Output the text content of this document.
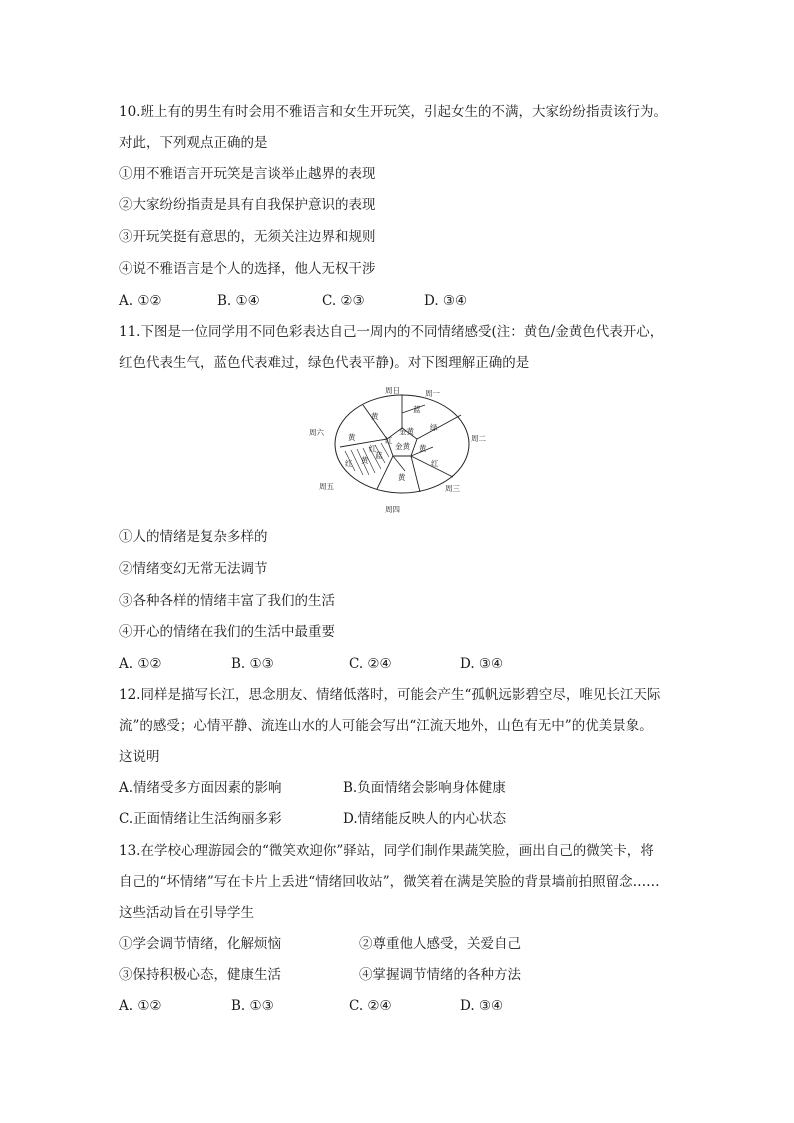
10.班上有的男生有时会用不雅语言和女生开玩笑，引起女生的不满，大家纷纷指责该行为。
对此，下列观点正确的是
①用不雅语言开玩笑是言谈举止越界的表现
②大家纷纷指责是具有自我保护意识的表现
③开玩笑挺有意思的，无须关注边界和规则
④说不雅语言是个人的选择，他人无权干涉
A. ①②	B. ①④	C. ②③	D. ③④
11.下图是一位同学用不同色彩表达自己一周内的不同情绪感受(注：黄色/金黄色代表开心，
红色代表生气，蓝色代表难过，绿色代表平静)。对下图理解正确的是
周日	周一
周二
周三
周四
周五
周六
黄
蓝
金黄 绿
黄
红
金黄
黄
红
红 黄
红
蓝
黄
①人的情绪是复杂多样的
②情绪变幻无常无法调节
③各种各样的情绪丰富了我们的生活
④开心的情绪在我们的生活中最重要
A. ①②	B. ①③	C. ②④	D. ③④
12.同样是描写长江，思念朋友、情绪低落时，可能会产生“孤帆远影碧空尽，唯见长江天际
流”的感受；心情平静、流连山水的人可能会写出“江流天地外，山色有无中”的优美景象。
这说明
A.情绪受多方面因素的影响	B.负面情绪会影响身体健康
C.正面情绪让生活绚丽多彩	D.情绪能反映人的内心状态
13.在学校心理游园会的“微笑欢迎你”驿站，同学们制作果蔬笑脸，画出自己的微笑卡，将
自己的“坏情绪”写在卡片上丢进“情绪回收站”，微笑着在满是笑脸的背景墙前拍照留念……
这些活动旨在引导学生
①学会调节情绪，化解烦恼	②尊重他人感受，关爱自己
③保持积极心态，健康生活	④掌握调节情绪的各种方法
A. ①②	B. ①③	C. ②④	D. ③④
